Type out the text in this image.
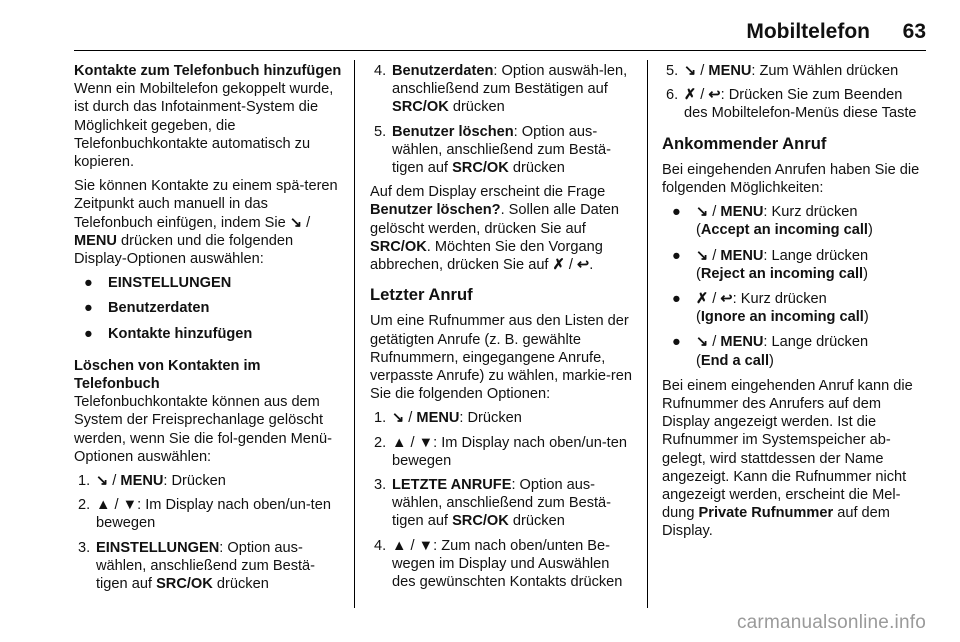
Mobiltelefon 63
Kontakte zum Telefonbuch hinzufügen

Wenn ein Mobiltelefon gekoppelt wurde, ist durch das Infotainment-System die Möglichkeit gegeben, die Telefonbuchkontakte automatisch zu kopieren.

Sie können Kontakte zu einem spä-teren Zeitpunkt auch manuell in das Telefonbuch einfügen, indem Sie ↘ / MENU drücken und die folgenden Display-Optionen auswählen:

● EINSTELLUNGEN
● Benutzerdaten
● Kontakte hinzufügen
Löschen von Kontakten im Telefonbuch

Telefonbuchkontakte können aus dem System der Freisprechanlage gelöscht werden, wenn Sie die fol-genden Menü-Optionen auswählen:

1. ↘ / MENU: Drücken
2. ▲ / ▼: Im Display nach oben/un-ten bewegen
3. EINSTELLUNGEN: Option aus-wählen, anschließend zum Bestä-tigen auf SRC/OK drücken
4. Benutzerdaten: Option auswäh-len, anschließend zum Bestätigen auf SRC/OK drücken
5. Benutzer löschen: Option aus-wählen, anschließend zum Bestä-tigen auf SRC/OK drücken

Auf dem Display erscheint die Frage Benutzer löschen?. Sollen alle Daten gelöscht werden, drücken Sie auf SRC/OK. Möchten Sie den Vorgang abbrechen, drücken Sie auf ✗ / ↩.

Letzter Anruf

Um eine Rufnummer aus den Listen der getätigten Anrufe (z. B. gewählte Rufnummern, eingegangene Anrufe, verpasste Anrufe) zu wählen, markie-ren Sie die folgenden Optionen:

1. ↘ / MENU: Drücken
2. ▲ / ▼: Im Display nach oben/un-ten bewegen
3. LETZTE ANRUFE: Option aus-wählen, anschließend zum Bestä-tigen auf SRC/OK drücken
4. ▲ / ▼: Zum nach oben/unten Be-wegen im Display und Auswählen des gewünschten Kontakts drücken
5. ↘ / MENU: Zum Wählen drücken
6. ✗ / ↩: Drücken Sie zum Beenden des Mobiltelefon-Menüs diese Taste
Ankommender Anruf

Bei eingehenden Anrufen haben Sie die folgenden Möglichkeiten:

● ↘ / MENU: Kurz drücken
(Accept an incoming call)
● ↘ / MENU: Lange drücken
(Reject an incoming call)
● ✗ / ↩: Kurz drücken
(Ignore an incoming call)
● ↘ / MENU: Lange drücken
(End a call)

Bei einem eingehenden Anruf kann die Rufnummer des Anrufers auf dem Display angezeigt werden. Ist die Rufnummer im Systemspeicher ab-gelegt, wird stattdessen der Name angezeigt. Kann die Rufnummer nicht angezeigt werden, erscheint die Mel-dung Private Rufnummer auf dem Display.

carmanualsonline.info
